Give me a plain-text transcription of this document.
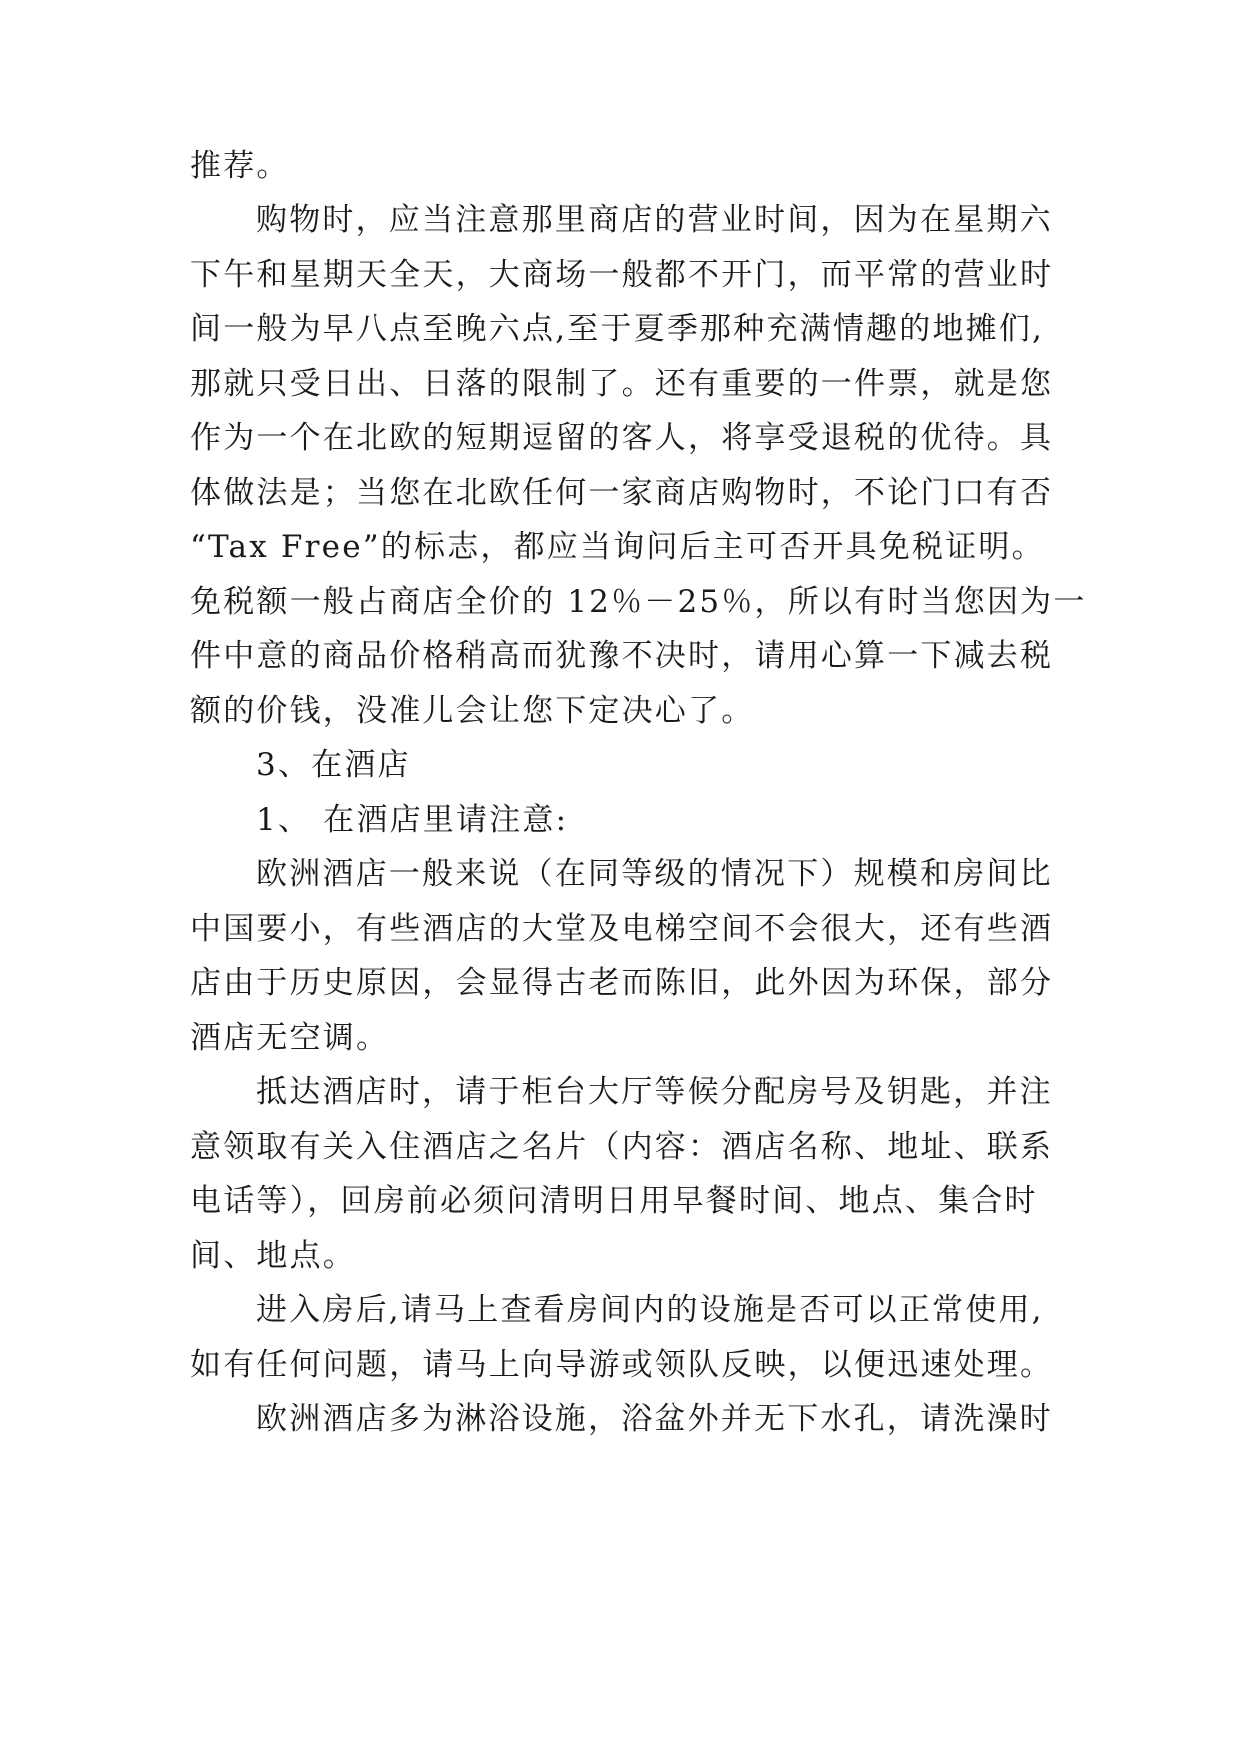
推荐。
购物时，应当注意那里商店的营业时间，因为在星期六
下午和星期天全天，大商场一般都不开门，而平常的营业时
间一般为早八点至晚六点,至于夏季那种充满情趣的地摊们,
那就只受日出、日落的限制了。还有重要的一件票，就是您
作为一个在北欧的短期逗留的客人，将享受退税的优待。具
体做法是；当您在北欧任何一家商店购物时，不论门口有否
“Tax Free”的标志，都应当询问后主可否开具免税证明。
免税额一般占商店全价的 12％－25％，所以有时当您因为一
件中意的商品价格稍高而犹豫不决时，请用心算一下减去税
额的价钱，没准儿会让您下定决心了。
3、在酒店
1、 在酒店里请注意:
欧洲酒店一般来说（在同等级的情况下）规模和房间比
中国要小，有些酒店的大堂及电梯空间不会很大，还有些酒
店由于历史原因，会显得古老而陈旧，此外因为环保，部分
酒店无空调。
抵达酒店时，请于柜台大厅等候分配房号及钥匙，并注
意领取有关入住酒店之名片（内容：酒店名称、地址、联系
电话等），回房前必须问清明日用早餐时间、地点、集合时
间、地点。
进入房后,请马上查看房间内的设施是否可以正常使用,
如有任何问题，请马上向导游或领队反映，以便迅速处理。
欧洲酒店多为淋浴设施，浴盆外并无下水孔，请洗澡时
